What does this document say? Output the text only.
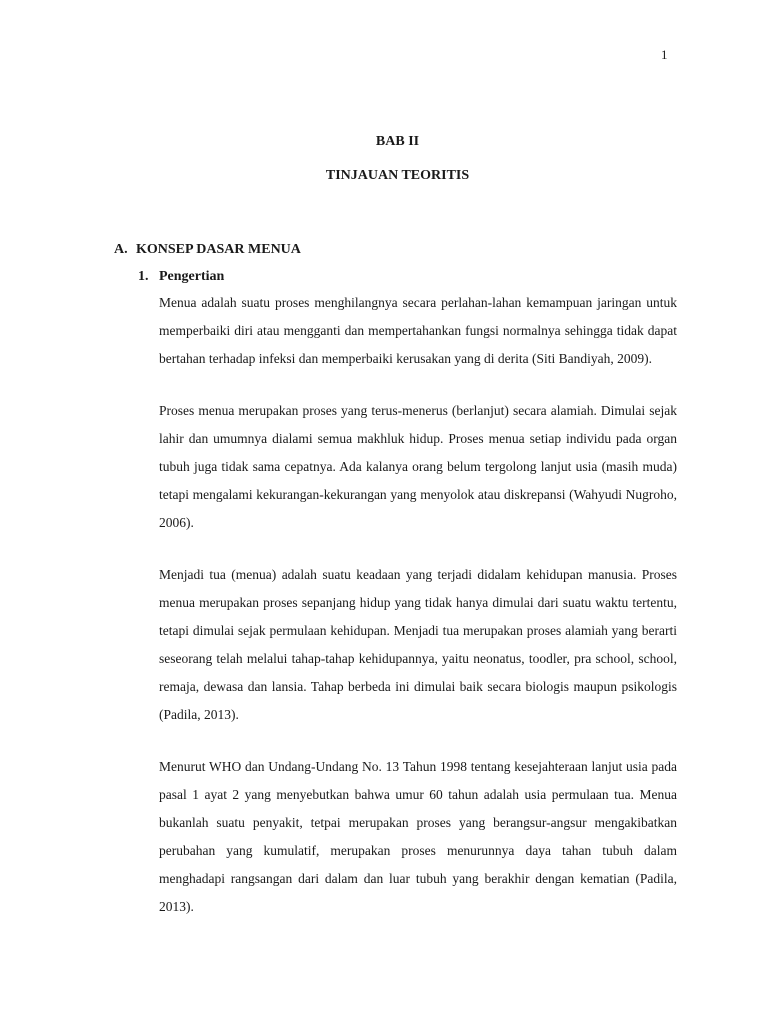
1
BAB II
TINJAUAN TEORITIS
A. KONSEP DASAR MENUA
1. Pengertian

Menua adalah suatu proses menghilangnya secara perlahan-lahan kemampuan jaringan untuk memperbaiki diri atau mengganti dan mempertahankan fungsi normalnya sehingga tidak dapat bertahan terhadap infeksi dan memperbaiki kerusakan yang di derita (Siti Bandiyah, 2009).

Proses menua merupakan proses yang terus-menerus (berlanjut) secara alamiah. Dimulai sejak lahir dan umumnya dialami semua makhluk hidup. Proses menua setiap individu pada organ tubuh juga tidak sama cepatnya. Ada kalanya orang belum tergolong lanjut usia (masih muda) tetapi mengalami kekurangan-kekurangan yang menyolok atau diskrepansi (Wahyudi Nugroho, 2006).

Menjadi tua (menua) adalah suatu keadaan yang terjadi didalam kehidupan manusia. Proses menua merupakan proses sepanjang hidup yang tidak hanya dimulai dari suatu waktu tertentu, tetapi dimulai sejak permulaan kehidupan. Menjadi tua merupakan proses alamiah yang berarti seseorang telah melalui tahap-tahap kehidupannya, yaitu neonatus, toodler, pra school, school, remaja, dewasa dan lansia. Tahap berbeda ini dimulai baik secara biologis maupun psikologis (Padila, 2013).

Menurut WHO dan Undang-Undang No. 13 Tahun 1998 tentang kesejahteraan lanjut usia pada pasal 1 ayat 2 yang menyebutkan bahwa umur 60 tahun adalah usia permulaan tua. Menua bukanlah suatu penyakit, tetpai merupakan proses yang berangsur-angsur mengakibatkan perubahan yang kumulatif, merupakan proses menurunnya daya tahan tubuh dalam menghadapi rangsangan dari dalam dan luar tubuh yang berakhir dengan kematian (Padila, 2013).
